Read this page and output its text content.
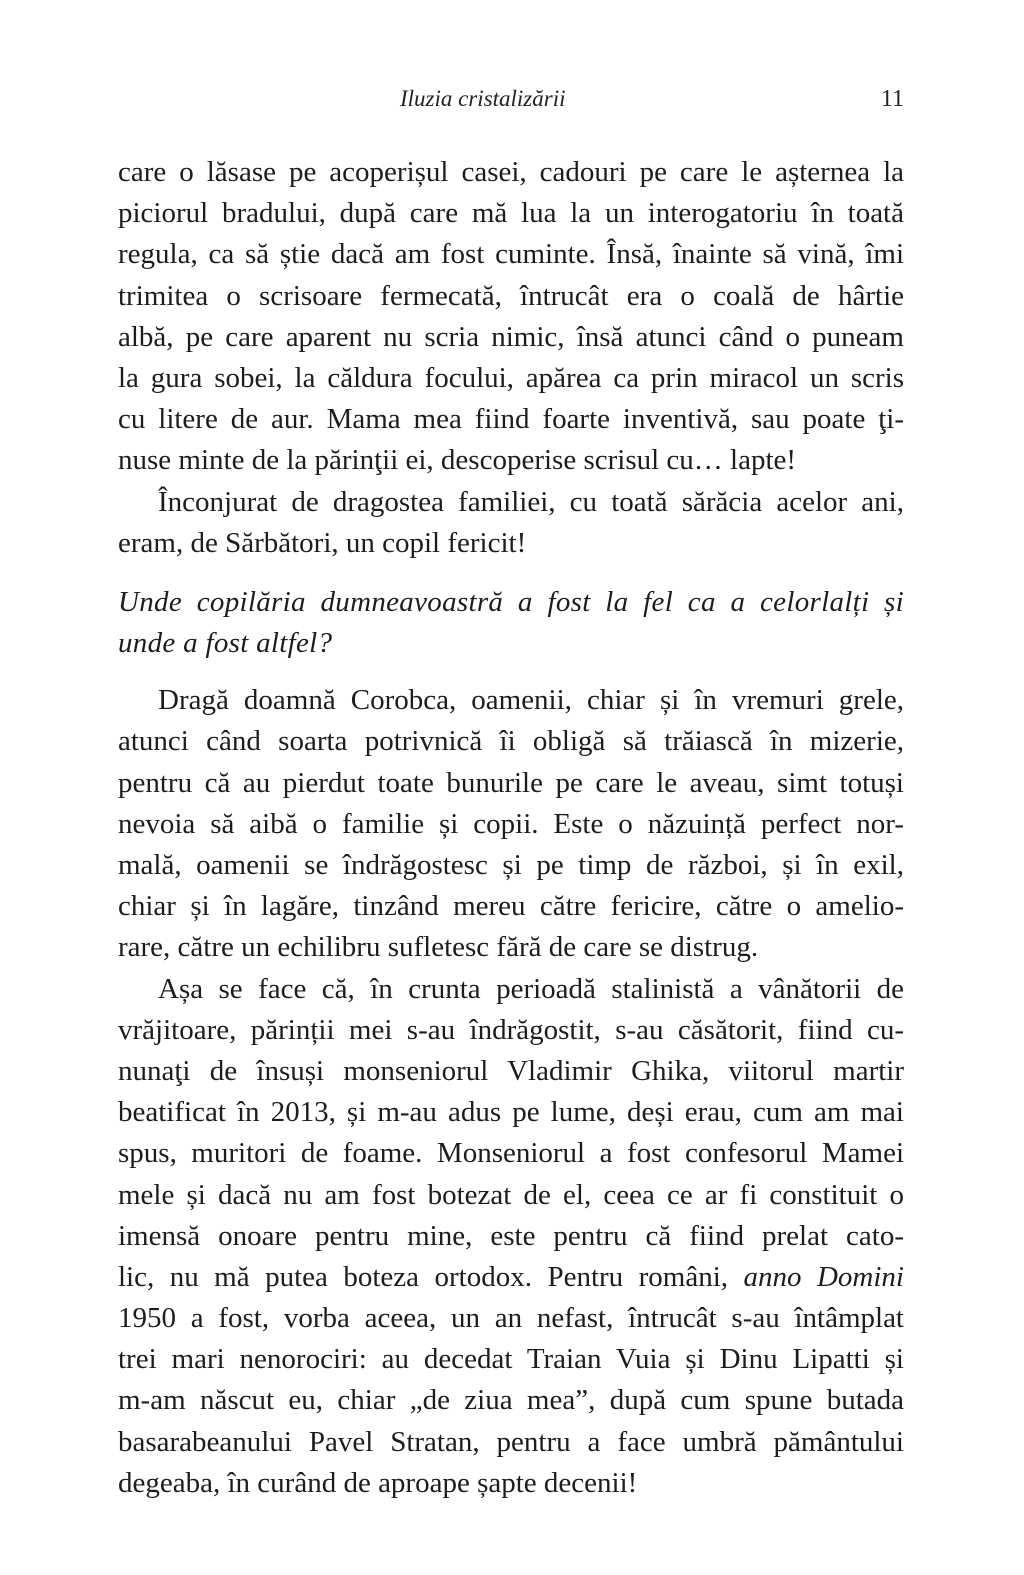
Iluzia cristalizării	11
care o lăsase pe acoperișul casei, cadouri pe care le așternea la
piciorul bradului, după care mă lua la un interogatoriu în toată
regula, ca să știe dacă am fost cuminte. Însă, înainte să vină, îmi
trimitea o scrisoare fermecată, întrucât era o coală de hârtie
albă, pe care aparent nu scria nimic, însă atunci când o puneam
la gura sobei, la căldura focului, apărea ca prin miracol un scris
cu litere de aur. Mama mea fiind foarte inventivă, sau poate ţi-
nuse minte de la părinţii ei, descoperise scrisul cu… lapte!
Înconjurat de dragostea familiei, cu toată sărăcia acelor ani,
eram, de Sărbători, un copil fericit!
Unde copilăria dumneavoastră a fost la fel ca a celorlalți și
unde a fost altfel?
Dragă doamnă Corobca, oamenii, chiar și în vremuri grele,
atunci când soarta potrivnică îi obligă să trăiască în mizerie,
pentru că au pierdut toate bunurile pe care le aveau, simt totuși
nevoia să aibă o familie și copii. Este o năzuință perfect nor-
mală, oamenii se îndrăgostesc și pe timp de război, și în exil,
chiar și în lagăre, tinzând mereu către fericire, către o amelio-
rare, către un echilibru sufletesc fără de care se distrug.
Așa se face că, în crunta perioadă stalinistă a vânătorii de
vrăjitoare, părinții mei s-au îndrăgostit, s-au căsătorit, fiind cu-
nunaţi de însuși monseniorul Vladimir Ghika, viitorul martir
beatificat în 2013, și m-au adus pe lume, deși erau, cum am mai
spus, muritori de foame. Monseniorul a fost confesorul Mamei
mele și dacă nu am fost botezat de el, ceea ce ar fi constituit o
imensă onoare pentru mine, este pentru că fiind prelat cato-
lic, nu mă putea boteza ortodox. Pentru români, anno Domini
1950 a fost, vorba aceea, un an nefast, întrucât s-au întâmplat
trei mari nenorociri: au decedat Traian Vuia și Dinu Lipatti și
m-am născut eu, chiar „de ziua mea”, după cum spune butada
basarabeanului Pavel Stratan, pentru a face umbră pământului
degeaba, în curând de aproape șapte decenii!
